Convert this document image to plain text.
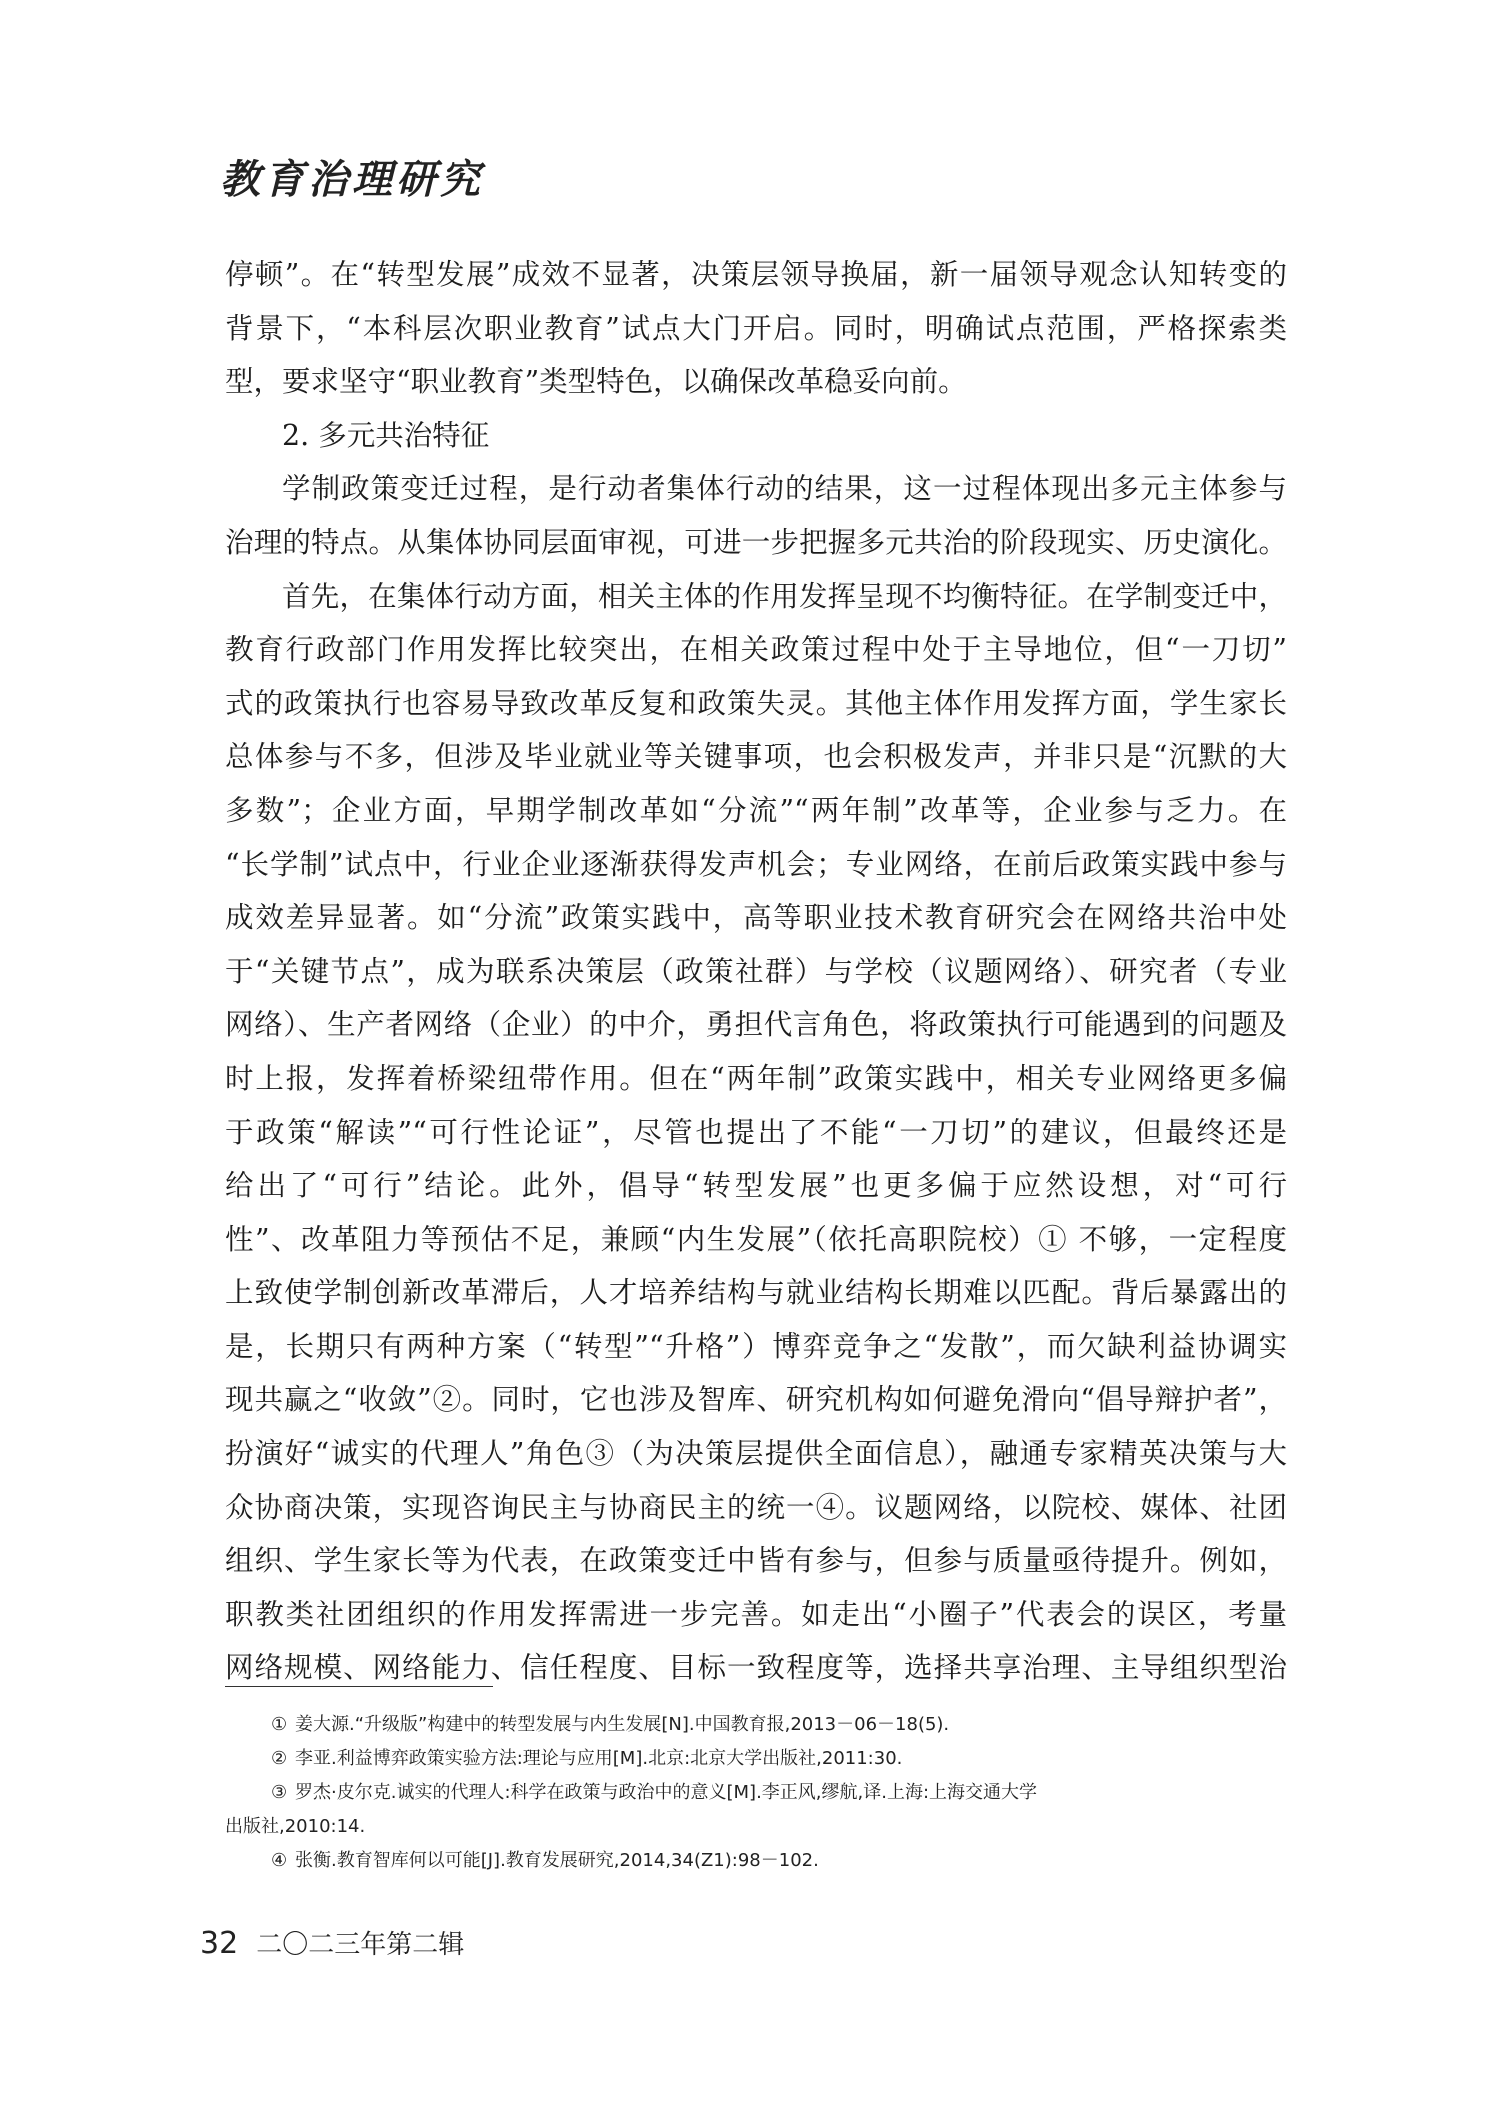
教育治理研究
停顿”。在“转型发展”成效不显著，决策层领导换届，新一届领导观念认知转变的
背景下，“本科层次职业教育”试点大门开启。同时，明确试点范围，严格探索类
型，要求坚守“职业教育”类型特色，以确保改革稳妥向前。
2. 多元共治特征
学制政策变迁过程，是行动者集体行动的结果，这一过程体现出多元主体参与
治理的特点。从集体协同层面审视，可进一步把握多元共治的阶段现实、历史演化。
首先，在集体行动方面，相关主体的作用发挥呈现不均衡特征。在学制变迁中，
教育行政部门作用发挥比较突出，在相关政策过程中处于主导地位，但“一刀切”
式的政策执行也容易导致改革反复和政策失灵。其他主体作用发挥方面，学生家长
总体参与不多，但涉及毕业就业等关键事项，也会积极发声，并非只是“沉默的大
多数”；企业方面，早期学制改革如“分流”“两年制”改革等，企业参与乏力。在
“长学制”试点中，行业企业逐渐获得发声机会；专业网络，在前后政策实践中参与
成效差异显著。如“分流”政策实践中，高等职业技术教育研究会在网络共治中处
于“关键节点”，成为联系决策层（政策社群）与学校（议题网络）、研究者（专业
网络）、生产者网络（企业）的中介，勇担代言角色，将政策执行可能遇到的问题及
时上报，发挥着桥梁纽带作用。但在“两年制”政策实践中，相关专业网络更多偏
于政策“解读”“可行性论证”，尽管也提出了不能“一刀切”的建议，但最终还是
给出了“可行”结论。此外，倡导“转型发展”也更多偏于应然设想，对“可行
性”、改革阻力等预估不足，兼顾“内生发展”（依托高职院校）① 不够，一定程度
上致使学制创新改革滞后，人才培养结构与就业结构长期难以匹配。背后暴露出的
是，长期只有两种方案（“转型”“升格”）博弈竞争之“发散”，而欠缺利益协调实
现共赢之“收敛”②。同时，它也涉及智库、研究机构如何避免滑向“倡导辩护者”，
扮演好“诚实的代理人”角色③（为决策层提供全面信息），融通专家精英决策与大
众协商决策，实现咨询民主与协商民主的统一④。议题网络，以院校、媒体、社团
组织、学生家长等为代表，在政策变迁中皆有参与，但参与质量亟待提升。例如，
职教类社团组织的作用发挥需进一步完善。如走出“小圈子”代表会的误区，考量
网络规模、网络能力、信任程度、目标一致程度等，选择共享治理、主导组织型治
① 姜大源.“升级版”构建中的转型发展与内生发展[N].中国教育报,2013－06－18(5).
② 李亚.利益博弈政策实验方法:理论与应用[M].北京:北京大学出版社,2011:30.
③ 罗杰·皮尔克.诚实的代理人:科学在政策与政治中的意义[M].李正风,缪航,译.上海:上海交通大学
出版社,2010:14.
④ 张衡.教育智库何以可能[J].教育发展研究,2014,34(Z1):98－102.
32 二〇二三年第二辑
